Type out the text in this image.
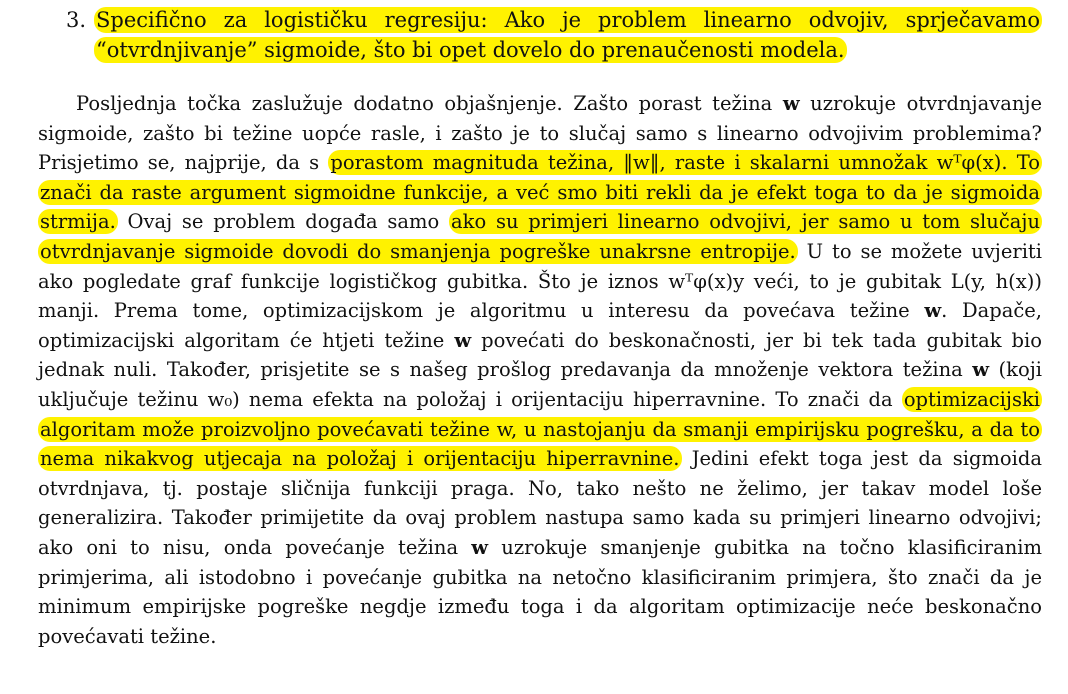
3. Specifično za logističku regresiju: Ako je problem linearno odvojiv, sprječavamo “otvrdnjivanje” sigmoide, što bi opet dovelo do prenaučenosti modela.
Posljednja točka zaslužuje dodatno objašnjenje. Zašto porast težina w uzrokuje otvrdnjavanje sigmoide, zašto bi težine uopće rasle, i zašto je to slučaj samo s linearno odvojivim problemima? Prisjetimo se, najprije, da s porastom magnituda težina, ‖w‖, raste i skalarni umnožak wᵀφ(x). To znači da raste argument sigmoidne funkcije, a već smo biti rekli da je efekt toga to da je sigmoida strmija. Ovaj se problem događa samo ako su primjeri linearno odvojivi, jer samo u tom slučaju otvrdnjavanje sigmoide dovodi do smanjenja pogreške unakrsne entropije. U to se možete uvjeriti ako pogledate graf funkcije logističkog gubitka. Što je iznos wᵀφ(x)y veći, to je gubitak L(y, h(x)) manji. Prema tome, optimizacijskom je algoritmu u interesu da povećava težine w. Dapače, optimizacijski algoritam će htjeti težine w povećati do beskonačnosti, jer bi tek tada gubitak bio jednak nuli. Također, prisjetite se s našeg prošlog predavanja da množenje vektora težina w (koji uključuje težinu w₀) nema efekta na položaj i orijentaciju hiperravnine. To znači da optimizacijski algoritam može proizvoljno povećavati težine w, u nastojanju da smanji empirijsku pogrešku, a da to nema nikakvog utjecaja na položaj i orijentaciju hiperravnine. Jedini efekt toga jest da sigmoida otvrdnjava, tj. postaje sličnija funkciji praga. No, tako nešto ne želimo, jer takav model loše generalizira. Također primijetite da ovaj problem nastupa samo kada su primjeri linearno odvojivi; ako oni to nisu, onda povećanje težina w uzrokuje smanjenje gubitka na točno klasificiranim primjerima, ali istodobno i povećanje gubitka na netočno klasificiranim primjera, što znači da je minimum empirijske pogreške negdje između toga i da algoritam optimizacije neće beskonačno povećavati težine.
